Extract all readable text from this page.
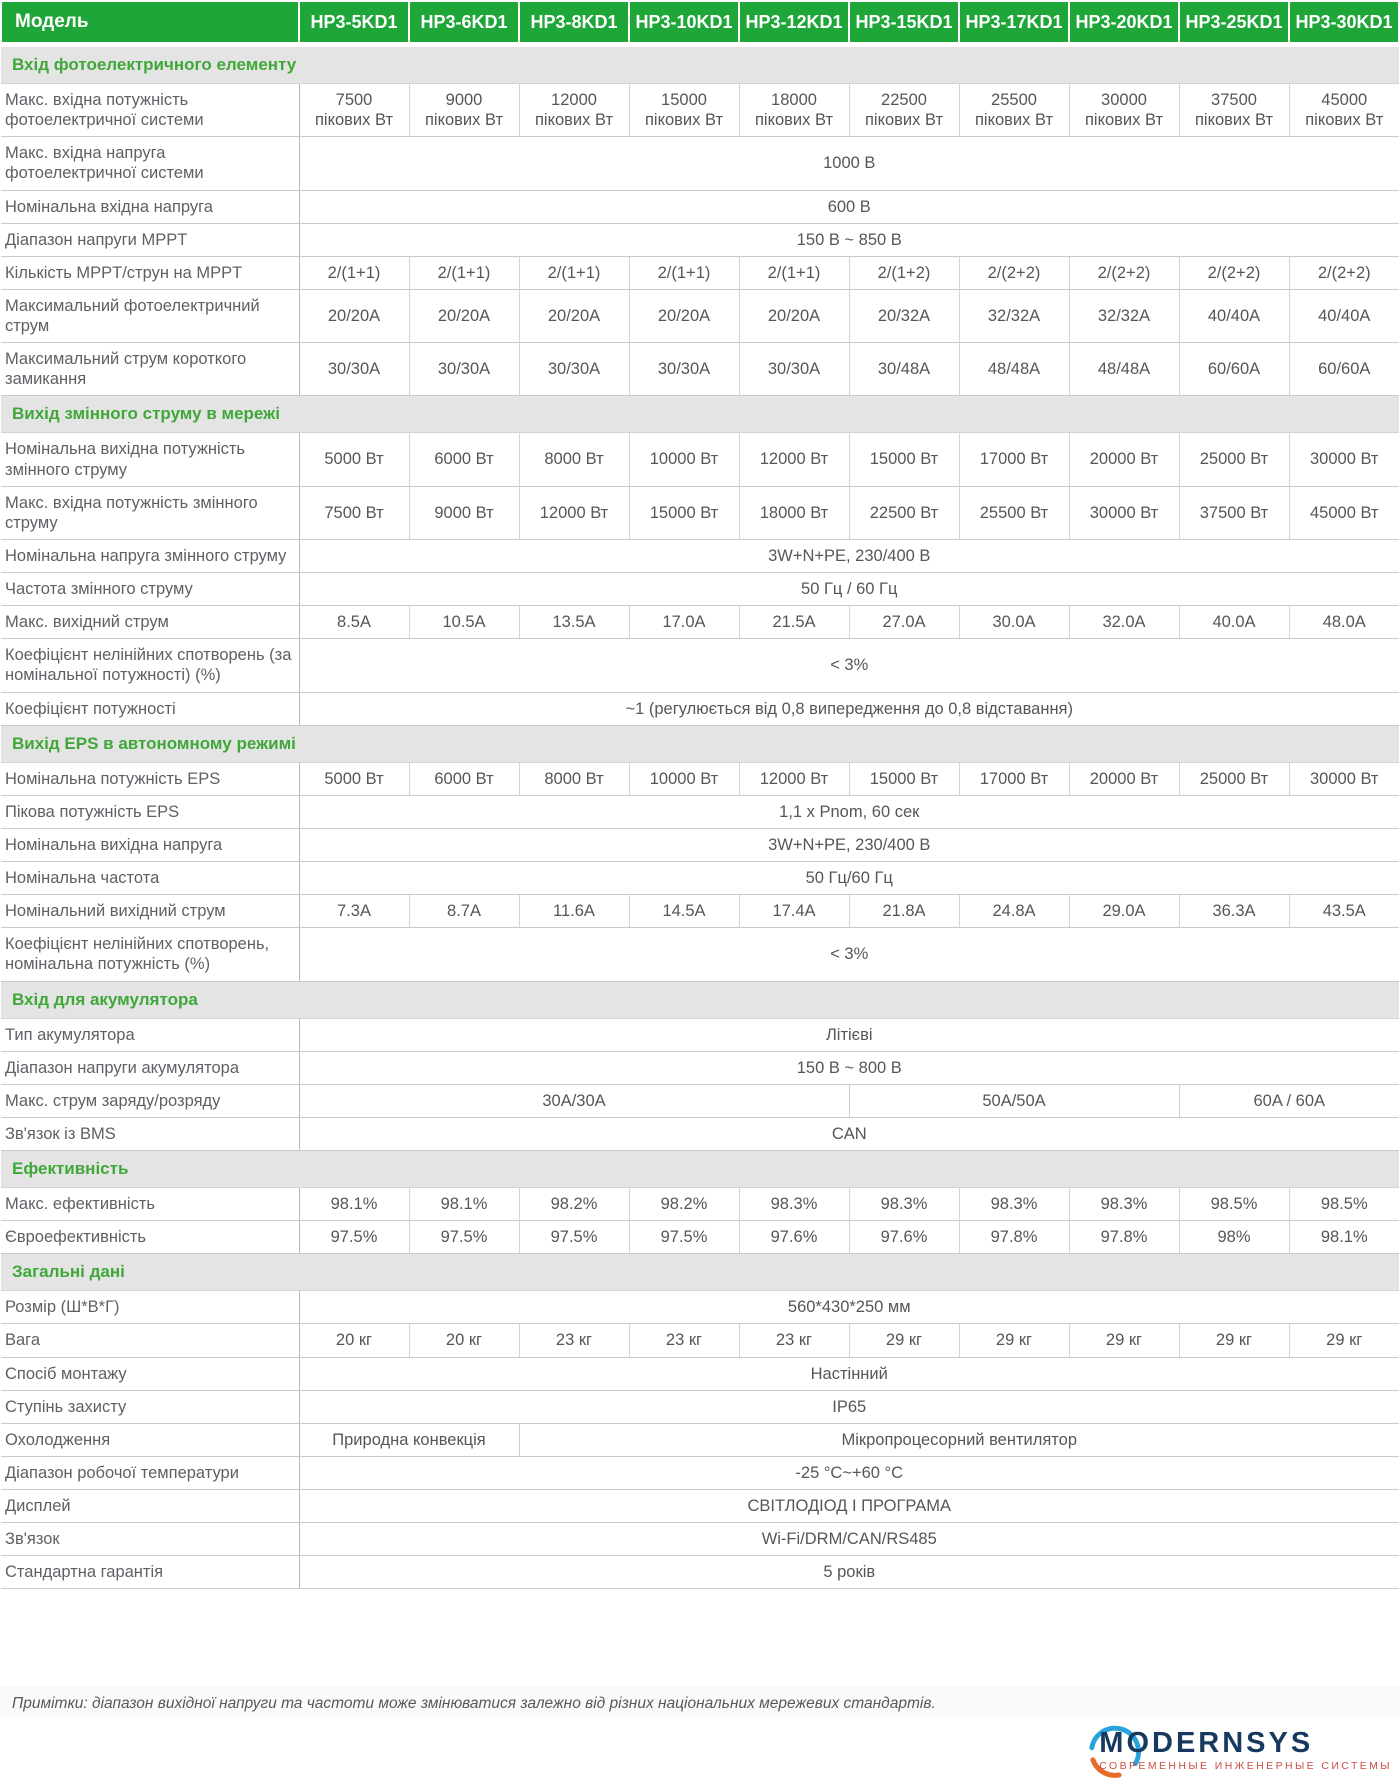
Модель	HP3-5KD1	HP3-6KD1	HP3-8KD1	HP3-10KD1	HP3-12KD1	HP3-15KD1	HP3-17KD1	HP3-20KD1	HP3-25KD1	HP3-30KD1
Вхід фотоелектричного елементу										
Макс. вхідна потужність фотоелектричної системи	7500 пікових Вт	9000 пікових Вт	12000 пікових Вт	15000 пікових Вт	18000 пікових Вт	22500 пікових Вт	25500 пікових Вт	30000 пікових Вт	37500 пікових Вт	45000 пікових Вт
Макс. вхідна напруга фотоелектричної системи	1000 В									
Номінальна вхідна напруга	600 В									
Діапазон напруги MPPT	150 В ~ 850 В									
Кількість MPPT/струн на MPPT	2/(1+1)	2/(1+1)	2/(1+1)	2/(1+1)	2/(1+1)	2/(1+2)	2/(2+2)	2/(2+2)	2/(2+2)	2/(2+2)
Максимальний фотоелектричний струм	20/20A	20/20A	20/20A	20/20A	20/20A	20/32A	32/32A	32/32A	40/40A	40/40A
Максимальний струм короткого замикання	30/30A	30/30A	30/30A	30/30A	30/30A	30/48A	48/48A	48/48A	60/60A	60/60A
Вихід змінного струму в мережі										
Номінальна вихідна потужність змінного струму	5000 Вт	6000 Вт	8000 Вт	10000 Вт	12000 Вт	15000 Вт	17000 Вт	20000 Вт	25000 Вт	30000 Вт
Макс. вхідна потужність змінного струму	7500 Вт	9000 Вт	12000 Вт	15000 Вт	18000 Вт	22500 Вт	25500 Вт	30000 Вт	37500 Вт	45000 Вт
Номінальна напруга змінного струму	3W+N+PE, 230/400 В									
Частота змінного струму	50 Гц / 60 Гц									
Макс. вихідний струм	8.5A	10.5A	13.5A	17.0A	21.5A	27.0A	30.0A	32.0A	40.0A	48.0A
Коефіцієнт нелінійних спотворень (за номінальної потужності) (%)	< 3%									
Коефіцієнт потужності	~1 (регулюється від 0,8 випередження до 0,8 відставання)									
Вихід EPS в автономному режимі										
Номінальна потужність EPS	5000 Вт	6000 Вт	8000 Вт	10000 Вт	12000 Вт	15000 Вт	17000 Вт	20000 Вт	25000 Вт	30000 Вт
Пікова потужність EPS	1,1 x Pnom, 60 сек									
Номінальна вихідна напруга	3W+N+PE, 230/400 В									
Номінальна частота	50 Гц/60 Гц									
Номінальний вихідний струм	7.3A	8.7A	11.6A	14.5A	17.4A	21.8A	24.8A	29.0A	36.3A	43.5A
Коефіцієнт нелінійних спотворень, номінальна потужність (%)	< 3%									
Вхід для акумулятора										
Тип акумулятора	Літієві									
Діапазон напруги акумулятора	150 В ~ 800 В									
Макс. струм заряду/розряду	30A/30A					50A/50A			60A / 60A	
Зв'язок із BMS	CAN									
Ефективність										
Макс. ефективність	98.1%	98.1%	98.2%	98.2%	98.3%	98.3%	98.3%	98.3%	98.5%	98.5%
Євроефективність	97.5%	97.5%	97.5%	97.5%	97.6%	97.6%	97.8%	97.8%	98%	98.1%
Загальні дані										
Розмір (Ш*В*Г)	560*430*250 мм									
Вага	20 кг	20 кг	23 кг	23 кг	23 кг	29 кг	29 кг	29 кг	29 кг	29 кг
Спосіб монтажу	Настінний									
Ступінь захисту	IP65									
Охолодження	Природна конвекція		Мікропроцесорний вентилятор							
Діапазон робочої температури	-25 °C~+60 °C									
Дисплей	СВІТЛОДІОД І ПРОГРАМА									
Зв'язок	Wi-Fi/DRM/CAN/RS485									
Стандартна гарантія	5 років									
Примітки: діапазон вихідної напруги та частоти може змінюватися залежно від різних національних мережевих стандартів.
MODERNSYS
СОВРЕМЕННЫЕ ИНЖЕНЕРНЫЕ СИСТЕМЫ
